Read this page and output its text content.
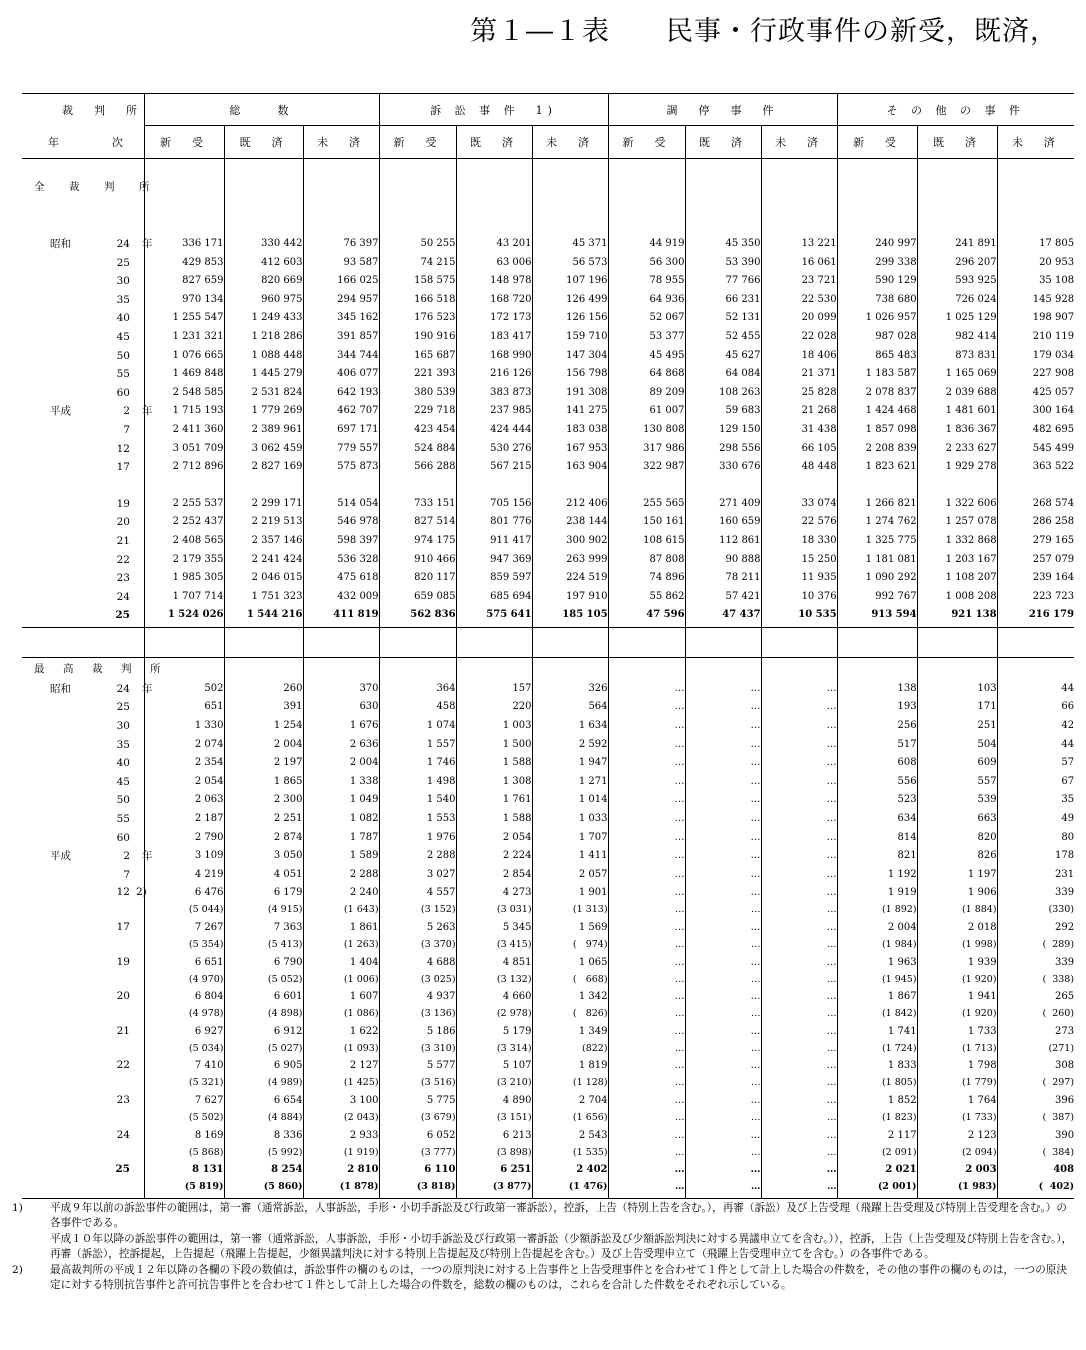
第１―１表　　民事・行政事件の新受，既済，
裁　判　所	総　　数			訴 訟 事 件　1)			調　停　事　件			そ の 他 の 事 件		
年　　　次	新　受	既　済	未　済	新　受	既　済	未　済	新　受	既　済	未　済	新　受	既　済	未　済
全　裁　判　所												
昭和 24 年	336 171	330 442	76 397	50 255	43 201	45 371	44 919	45 350	13 221	240 997	241 891	17 805
25	429 853	412 603	93 587	74 215	63 006	56 573	56 300	53 390	16 061	299 338	296 207	20 953
30	827 659	820 669	166 025	158 575	148 978	107 196	78 955	77 766	23 721	590 129	593 925	35 108
35	970 134	960 975	294 957	166 518	168 720	126 499	64 936	66 231	22 530	738 680	726 024	145 928
40	1 255 547	1 249 433	345 162	176 523	172 173	126 156	52 067	52 131	20 099	1 026 957	1 025 129	198 907
45	1 231 321	1 218 286	391 857	190 916	183 417	159 710	53 377	52 455	22 028	987 028	982 414	210 119
50	1 076 665	1 088 448	344 744	165 687	168 990	147 304	45 495	45 627	18 406	865 483	873 831	179 034
55	1 469 848	1 445 279	406 077	221 393	216 126	156 798	64 868	64 084	21 371	1 183 587	1 165 069	227 908
60	2 548 585	2 531 824	642 193	380 539	383 873	191 308	89 209	108 263	25 828	2 078 837	2 039 688	425 057
平成 2 年	1 715 193	1 779 269	462 707	229 718	237 985	141 275	61 007	59 683	21 268	1 424 468	1 481 601	300 164
7	2 411 360	2 389 961	697 171	423 454	424 444	183 038	130 808	129 150	31 438	1 857 098	1 836 367	482 695
12	3 051 709	3 062 459	779 557	524 884	530 276	167 953	317 986	298 556	66 105	2 208 839	2 233 627	545 499
17	2 712 896	2 827 169	575 873	566 288	567 215	163 904	322 987	330 676	48 448	1 823 621	1 929 278	363 522

19	2 255 537	2 299 171	514 054	733 151	705 156	212 406	255 565	271 409	33 074	1 266 821	1 322 606	268 574
20	2 252 437	2 219 513	546 978	827 514	801 776	238 144	150 161	160 659	22 576	1 274 762	1 257 078	286 258
21	2 408 565	2 357 146	598 397	974 175	911 417	300 902	108 615	112 861	18 330	1 325 775	1 332 868	279 165
22	2 179 355	2 241 424	536 328	910 466	947 369	263 999	87 808	90 888	15 250	1 181 081	1 203 167	257 079
23	1 985 305	2 046 015	475 618	820 117	859 597	224 519	74 896	78 211	11 935	1 090 292	1 108 207	239 164
24	1 707 714	1 751 323	432 009	659 085	685 694	197 910	55 862	57 421	10 376	992 767	1 008 208	223 723
25	1 524 026	1 544 216	411 819	562 836	575 641	185 105	47 596	47 437	10 535	913 594	921 138	216 179

最　高　裁　判　所												
昭和 24 年	502	260	370	364	157	326	…	…	…	138	103	44
25	651	391	630	458	220	564	…	…	…	193	171	66
30	1 330	1 254	1 676	1 074	1 003	1 634	…	…	…	256	251	42
35	2 074	2 004	2 636	1 557	1 500	2 592	…	…	…	517	504	44
40	2 354	2 197	2 004	1 746	1 588	1 947	…	…	…	608	609	57
45	2 054	1 865	1 338	1 498	1 308	1 271	…	…	…	556	557	67
50	2 063	2 300	1 049	1 540	1 761	1 014	…	…	…	523	539	35
55	2 187	2 251	1 082	1 553	1 588	1 033	…	…	…	634	663	49
60	2 790	2 874	1 787	1 976	2 054	1 707	…	…	…	814	820	80
平成 2 年	3 109	3 050	1 589	2 288	2 224	1 411	…	…	…	821	826	178
7	4 219	4 051	2 288	3 027	2 854	2 057	…	…	…	1 192	1 197	231
12 2)	6 476	6 179	2 240	4 557	4 273	1 901	…	…	…	1 919	1 906	339
	(5 044)	(4 915)	(1 643)	(3 152)	(3 031)	(1 313)	…	…	…	(1 892)	(1 884)	(330)
17	7 267	7 363	1 861	5 263	5 345	1 569	…	…	…	2 004	2 018	292
	(5 354)	(5 413)	(1 263)	(3 370)	(3 415)	(   974)	…	…	…	(1 984)	(1 998)	(  289)
19	6 651	6 790	1 404	4 688	4 851	1 065	…	…	…	1 963	1 939	339
	(4 970)	(5 052)	(1 006)	(3 025)	(3 132)	(   668)	…	…	…	(1 945)	(1 920)	(  338)
20	6 804	6 601	1 607	4 937	4 660	1 342	…	…	…	1 867	1 941	265
	(4 978)	(4 898)	(1 086)	(3 136)	(2 978)	(   826)	…	…	…	(1 842)	(1 920)	(  260)
21	6 927	6 912	1 622	5 186	5 179	1 349	…	…	…	1 741	1 733	273
	(5 034)	(5 027)	(1 093)	(3 310)	(3 314)	(822)	…	…	…	(1 724)	(1 713)	(271)
22	7 410	6 905	2 127	5 577	5 107	1 819	…	…	…	1 833	1 798	308
	(5 321)	(4 989)	(1 425)	(3 516)	(3 210)	(1 128)	…	…	…	(1 805)	(1 779)	(  297)
23	7 627	6 654	3 100	5 775	4 890	2 704	…	…	…	1 852	1 764	396
	(5 502)	(4 884)	(2 043)	(3 679)	(3 151)	(1 656)	…	…	…	(1 823)	(1 733)	(  387)
24	8 169	8 336	2 933	6 052	6 213	2 543	…	…	…	2 117	2 123	390
	(5 868)	(5 992)	(1 919)	(3 777)	(3 898)	(1 535)	…	…	…	(2 091)	(2 094)	(  384)
25	8 131	8 254	2 810	6 110	6 251	2 402	…	…	…	2 021	2 003	408
	(5 819)	(5 860)	(1 878)	(3 818)	(3 877)	(1 476)	…	…	…	(2 001)	(1 983)	(  402)

1)	平成９年以前の訴訟事件の範囲は，第一審（通常訴訟，人事訴訟，手形・小切手訴訟及び行政第一審訴訟），控訴，上告（特別上告を含む。），再審（訴訟）及び上告受理（飛躍上告受理及び特別上告受理を含む。）の各事件である。

平成１０年以降の訴訟事件の範囲は，第一審（通常訴訟，人事訴訟，手形・小切手訴訟及び行政第一審訴訟（少額訴訟及び少額訴訟判決に対する異議申立てを含む。）），控訴，上告（上告受理及び特別上告を含む。），再審（訴訟），控訴提起，上告提起（飛躍上告提起，少額異議判決に対する特別上告提起及び特別上告提起を含む。）及び上告受理申立て（飛躍上告受理申立てを含む。）の各事件である。

2)	最高裁判所の平成１２年以降の各欄の下段の数値は，訴訟事件の欄のものは，一つの原判決に対する上告事件と上告受理事件とを合わせて１件として計上した場合の件数を，その他の事件の欄のものは，一つの原決定に対する特別抗告事件と許可抗告事件とを合わせて１件として計上した場合の件数を，総数の欄のものは，これらを合計した件数をそれぞれ示している。
